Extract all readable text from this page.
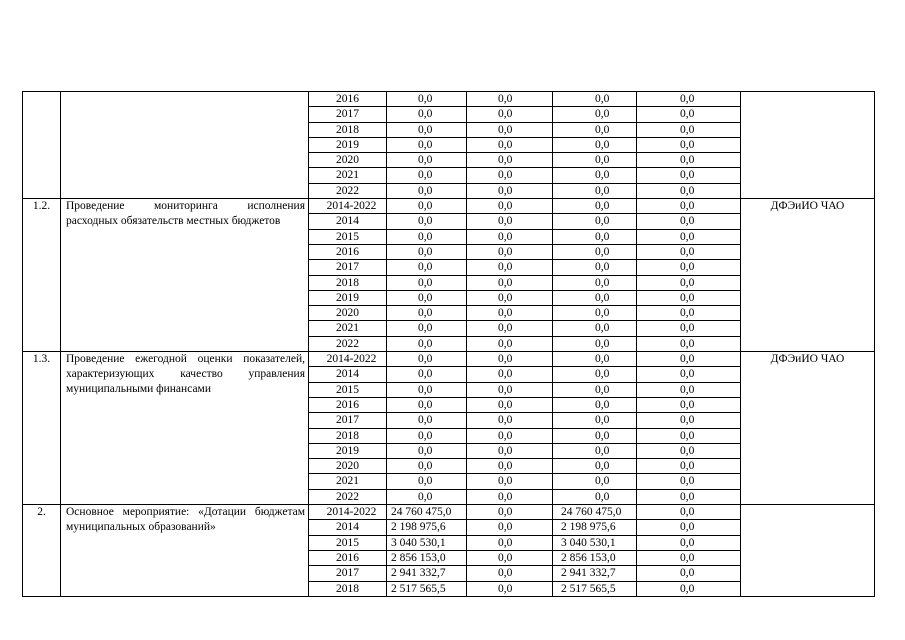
		2016	0,0	0,0	0,0	0,0	
		2017	0,0	0,0	0,0	0,0	
		2018	0,0	0,0	0,0	0,0	
		2019	0,0	0,0	0,0	0,0	
		2020	0,0	0,0	0,0	0,0	
		2021	0,0	0,0	0,0	0,0	
		2022	0,0	0,0	0,0	0,0	
1.2.	Проведение мониторинга исполнения расходных обязательств местных бюджетов	2014-2022	0,0	0,0	0,0	0,0	ДФЭиИО ЧАО
		2014	0,0	0,0	0,0	0,0	
		2015	0,0	0,0	0,0	0,0	
		2016	0,0	0,0	0,0	0,0	
		2017	0,0	0,0	0,0	0,0	
		2018	0,0	0,0	0,0	0,0	
		2019	0,0	0,0	0,0	0,0	
		2020	0,0	0,0	0,0	0,0	
		2021	0,0	0,0	0,0	0,0	
		2022	0,0	0,0	0,0	0,0	
1.3.	Проведение ежегодной оценки показателей, характеризующих качество управления муниципальными финансами	2014-2022	0,0	0,0	0,0	0,0	ДФЭиИО ЧАО
		2014	0,0	0,0	0,0	0,0	
		2015	0,0	0,0	0,0	0,0	
		2016	0,0	0,0	0,0	0,0	
		2017	0,0	0,0	0,0	0,0	
		2018	0,0	0,0	0,0	0,0	
		2019	0,0	0,0	0,0	0,0	
		2020	0,0	0,0	0,0	0,0	
		2021	0,0	0,0	0,0	0,0	
		2022	0,0	0,0	0,0	0,0	
2.	Основное мероприятие: «Дотации бюджетам муниципальных образований»	2014-2022	24 760 475,0	0,0	24 760 475,0	0,0	
		2014	2 198 975,6	0,0	2 198 975,6	0,0	
		2015	3 040 530,1	0,0	3 040 530,1	0,0	
		2016	2 856 153,0	0,0	2 856 153,0	0,0	
		2017	2 941 332,7	0,0	2 941 332,7	0,0	
		2018	2 517 565,5	0,0	2 517 565,5	0,0	
